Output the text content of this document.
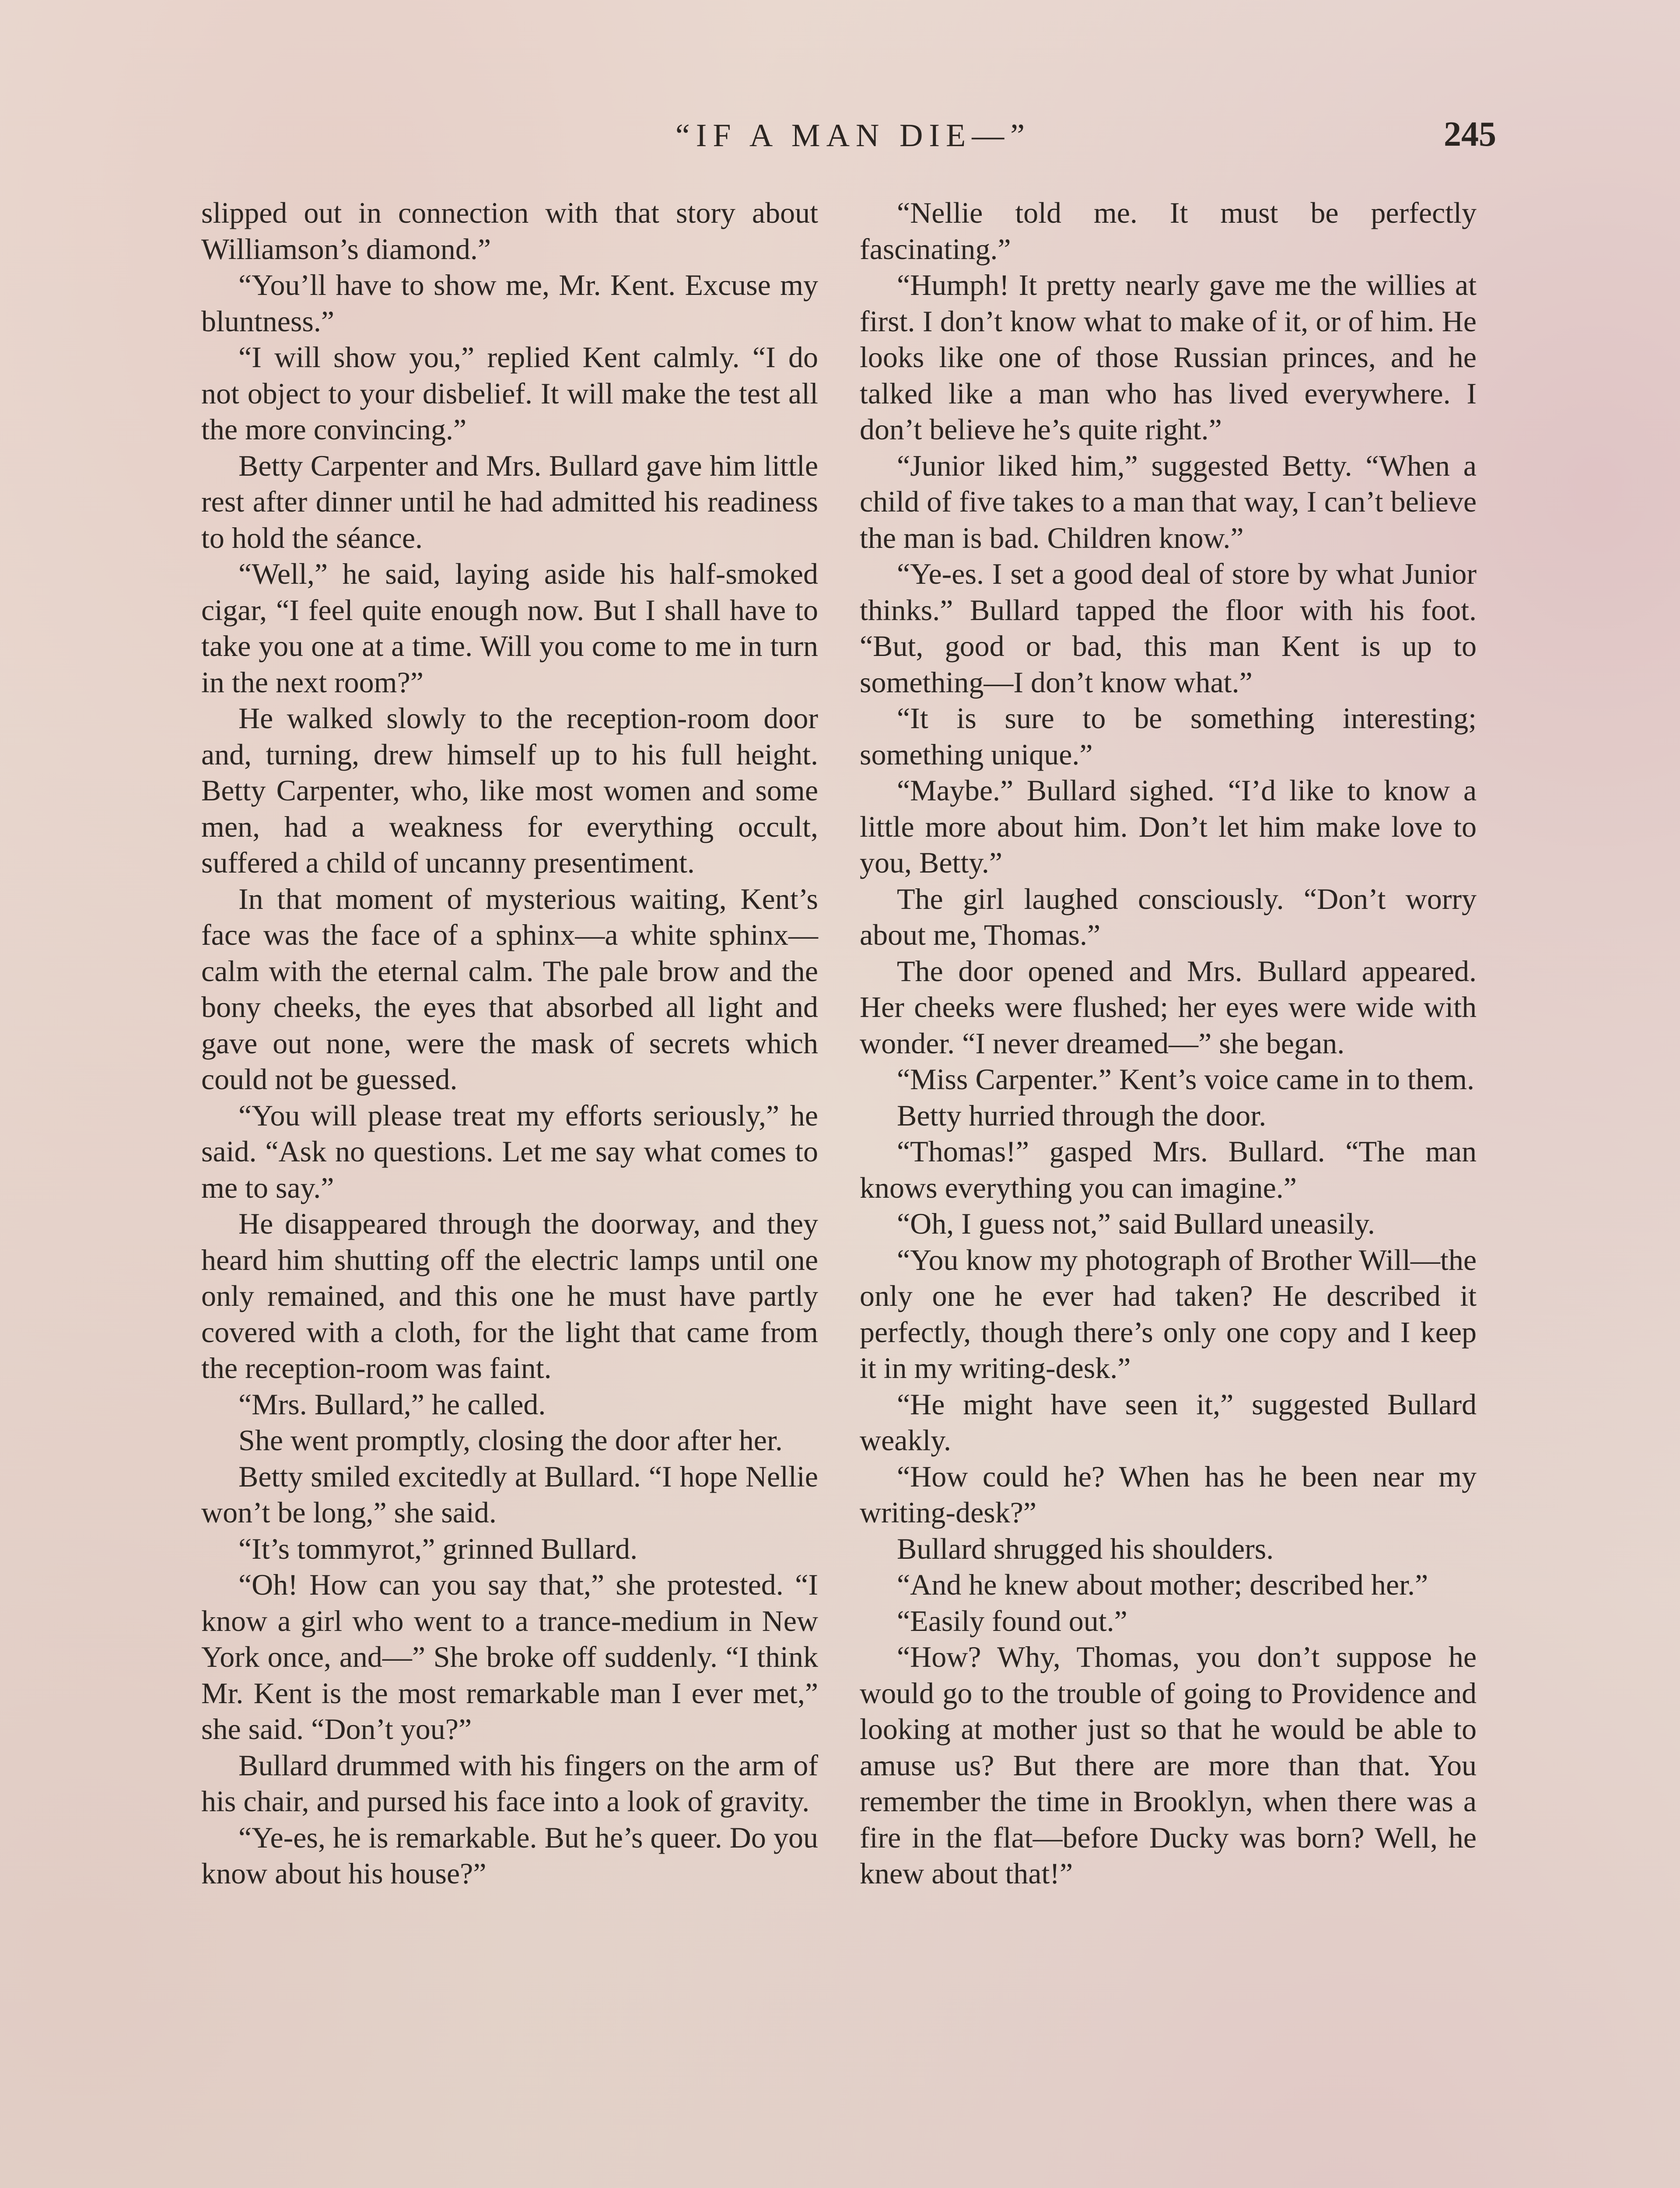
“IF A MAN DIE—”	245

slipped out in connection with that story about Williamson’s diamond.”

“You’ll have to show me, Mr. Kent. Excuse my bluntness.”

“I will show you,” replied Kent calmly. “I do not object to your disbelief. It will make the test all the more convincing.”

Betty Carpenter and Mrs. Bullard gave him little rest after dinner until he had admitted his readiness to hold the séance.

“Well,” he said, laying aside his half-smoked cigar, “I feel quite enough now. But I shall have to take you one at a time. Will you come to me in turn in the next room?”

He walked slowly to the reception-room door and, turning, drew himself up to his full height. Betty Carpenter, who, like most women and some men, had a weakness for everything occult, suffered a child of uncanny presentiment.

In that moment of mysterious waiting, Kent’s face was the face of a sphinx—a white sphinx—calm with the eternal calm. The pale brow and the bony cheeks, the eyes that absorbed all light and gave out none, were the mask of secrets which could not be guessed.

“You will please treat my efforts seriously,” he said. “Ask no questions. Let me say what comes to me to say.”

He disappeared through the doorway, and they heard him shutting off the electric lamps until one only remained, and this one he must have partly covered with a cloth, for the light that came from the reception-room was faint.

“Mrs. Bullard,” he called.

She went promptly, closing the door after her.

Betty smiled excitedly at Bullard. “I hope Nellie won’t be long,” she said.

“It’s tommyrot,” grinned Bullard.

“Oh! How can you say that,” she protested. “I know a girl who went to a trance-medium in New York once, and—” She broke off suddenly. “I think Mr. Kent is the most remarkable man I ever met,” she said. “Don’t you?”

Bullard drummed with his fingers on the arm of his chair, and pursed his face into a look of gravity.

“Ye-es, he is remarkable. But he’s queer. Do you know about his house?”

“Nellie told me. It must be perfectly fascinating.”

“Humph! It pretty nearly gave me the willies at first. I don’t know what to make of it, or of him. He looks like one of those Russian princes, and he talked like a man who has lived everywhere. I don’t believe he’s quite right.”

“Junior liked him,” suggested Betty. “When a child of five takes to a man that way, I can’t believe the man is bad. Children know.”

“Ye-es. I set a good deal of store by what Junior thinks.” Bullard tapped the floor with his foot. “But, good or bad, this man Kent is up to something—I don’t know what.”

“It is sure to be something interesting; something unique.”

“Maybe.” Bullard sighed. “I’d like to know a little more about him. Don’t let him make love to you, Betty.”

The girl laughed consciously. “Don’t worry about me, Thomas.”

The door opened and Mrs. Bullard appeared. Her cheeks were flushed; her eyes were wide with wonder. “I never dreamed—” she began.

“Miss Carpenter.” Kent’s voice came in to them.

Betty hurried through the door.

“Thomas!” gasped Mrs. Bullard. “The man knows everything you can imagine.”

“Oh, I guess not,” said Bullard uneasily.

“You know my photograph of Brother Will—the only one he ever had taken? He described it perfectly, though there’s only one copy and I keep it in my writing-desk.”

“He might have seen it,” suggested Bullard weakly.

“How could he? When has he been near my writing-desk?”

Bullard shrugged his shoulders.

“And he knew about mother; described her.”

“Easily found out.”

“How? Why, Thomas, you don’t suppose he would go to the trouble of going to Providence and looking at mother just so that he would be able to amuse us? But there are more than that. You remember the time in Brooklyn, when there was a fire in the flat—before Ducky was born? Well, he knew about that!”
